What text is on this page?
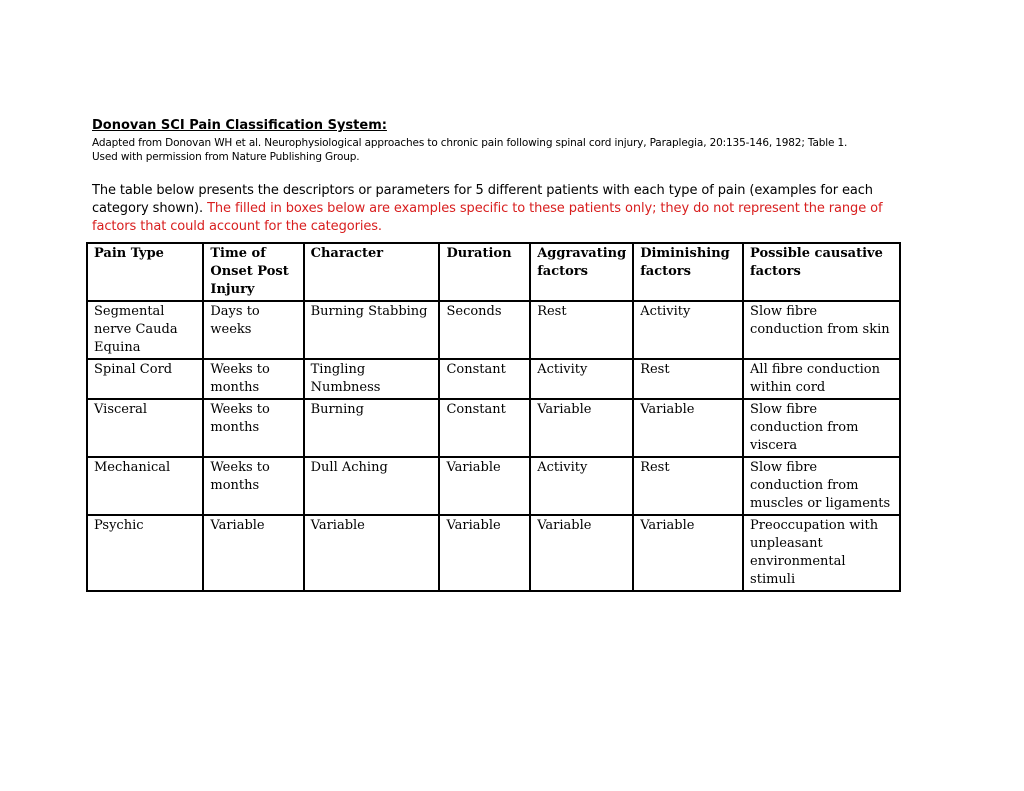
Donovan SCI Pain Classification System:

Adapted from Donovan WH et al. Neurophysiological approaches to chronic pain following spinal cord injury, Paraplegia, 20:135-146, 1982; Table 1.

Used with permission from Nature Publishing Group.

The table below presents the descriptors or parameters for 5 different patients with each type of pain (examples for each category shown). The filled in boxes below are examples specific to these patients only; they do not represent the range of factors that could account for the categories.

Pain Type	Time of Onset Post Injury	Character	Duration	Aggravating factors	Diminishing factors	Possible causative factors
Segmental nerve Cauda Equina	Days to weeks	Burning Stabbing	Seconds	Rest	Activity	Slow fibre conduction from skin
Spinal Cord	Weeks to months	Tingling Numbness	Constant	Activity	Rest	All fibre conduction within cord
Visceral	Weeks to months	Burning	Constant	Variable	Variable	Slow fibre conduction from viscera
Mechanical	Weeks to months	Dull Aching	Variable	Activity	Rest	Slow fibre conduction from muscles or ligaments
Psychic	Variable	Variable	Variable	Variable	Variable	Preoccupation with unpleasant environmental stimuli
